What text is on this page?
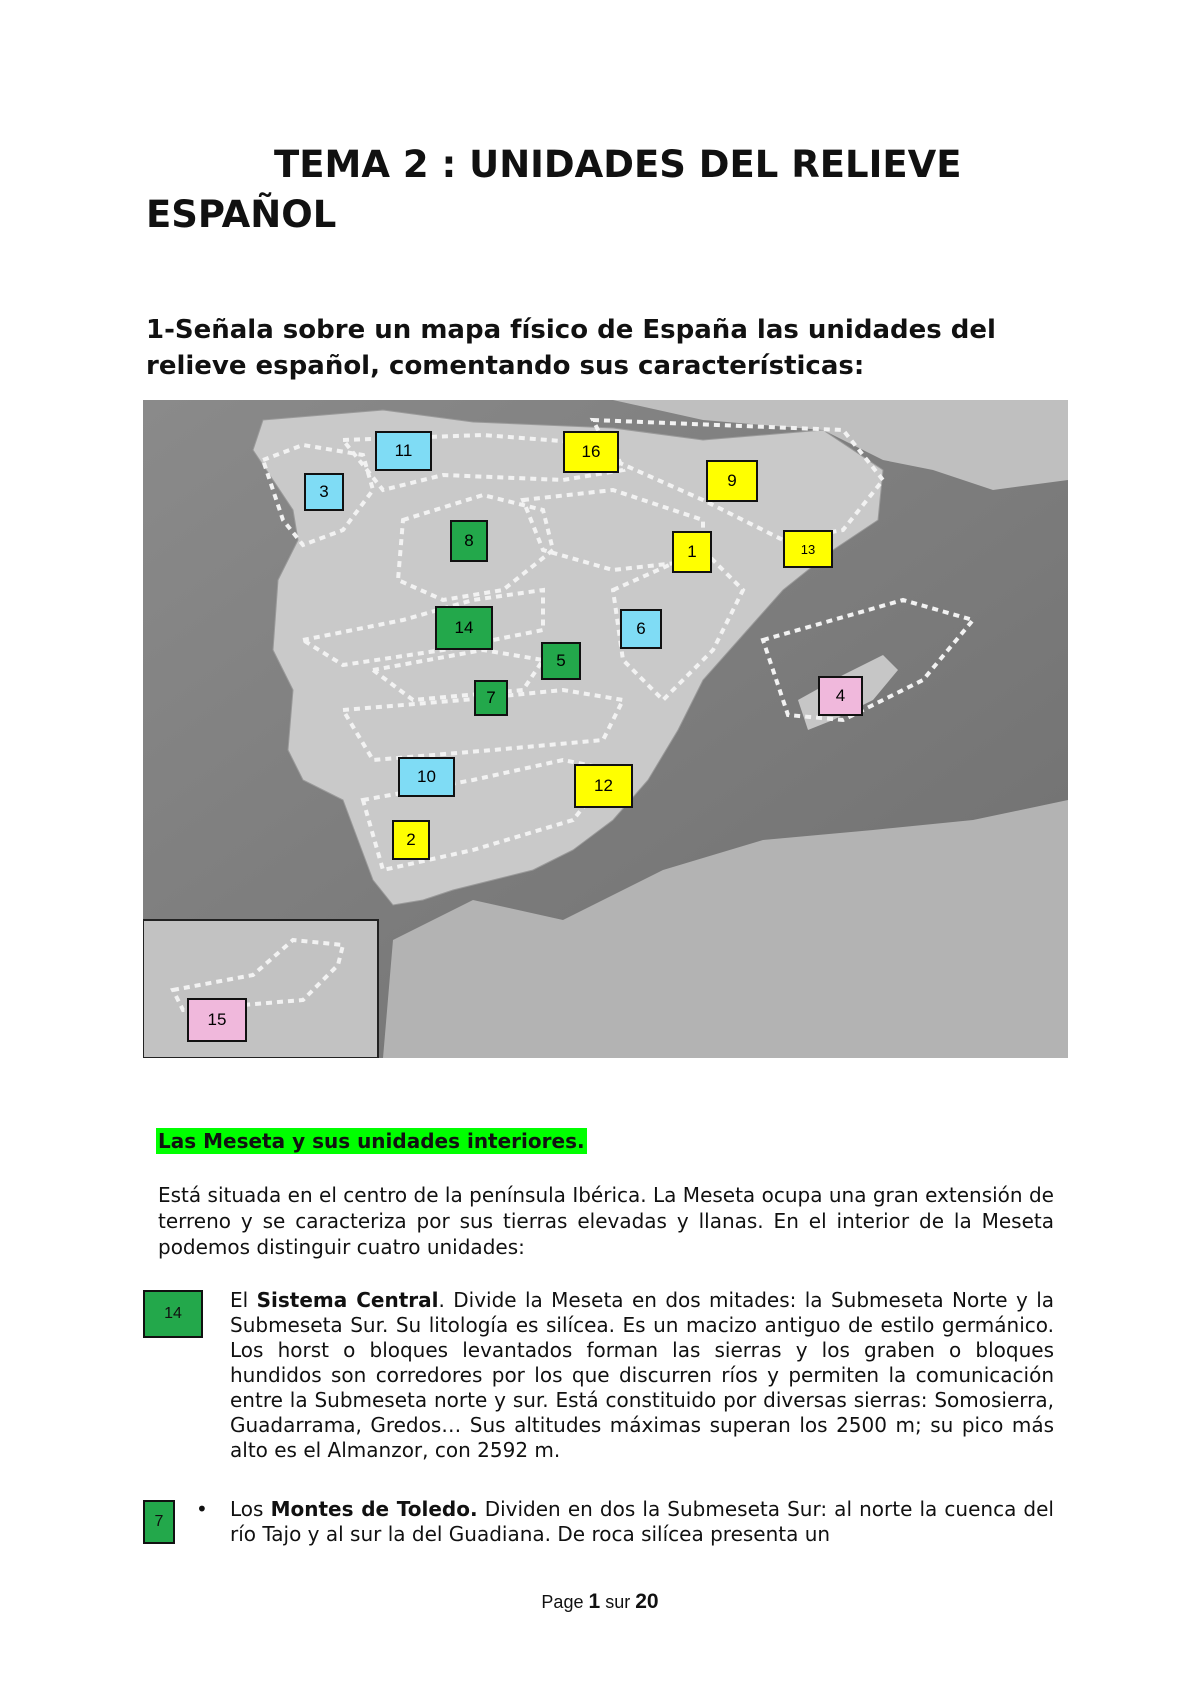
TEMA 2 : UNIDADES DEL RELIEVE
ESPAÑOL
1-Señala sobre un mapa físico de España las unidades del relieve español, comentando sus características:
11	16
3
9
8
1	13
14	6
5
7	4
10	12
2
15
Las Meseta y sus unidades interiores.
Está situada en el centro de la península Ibérica. La Meseta ocupa una gran extensión de terreno y se caracteriza por sus tierras elevadas y llanas. En el interior de la Meseta podemos distinguir cuatro unidades:
14
El Sistema Central. Divide la Meseta en dos mitades: la Submeseta Norte y la Submeseta Sur. Su litología es silícea. Es un macizo antiguo de estilo germánico. Los horst o bloques levantados forman las sierras y los graben o bloques hundidos son corredores por los que discurren ríos y permiten la comunicación entre la Submeseta norte y sur. Está constituido por diversas sierras: Somosierra, Guadarrama, Gredos… Sus altitudes máximas superan los 2500 m; su pico más alto es el Almanzor, con 2592 m.
7
• Los Montes de Toledo. Dividen en dos la Submeseta Sur: al norte la cuenca del río Tajo y al sur la del Guadiana. De roca silícea presenta un
Page 1 sur 20
